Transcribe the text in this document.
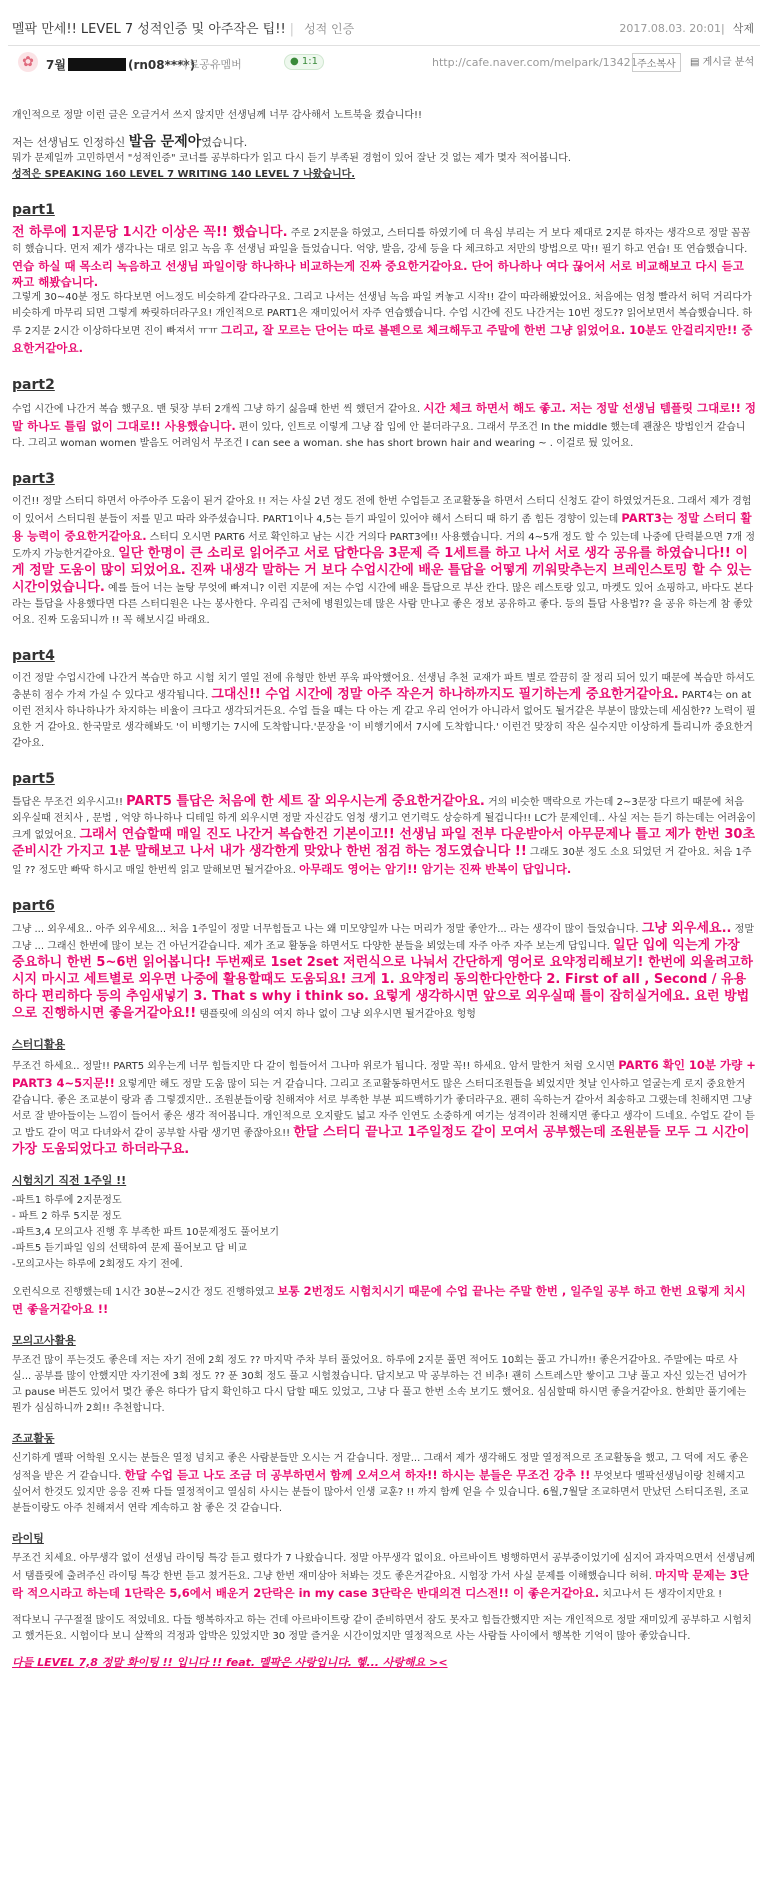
멜팍 만세!! LEVEL 7 성적인증 및 아주작은 팁!! | 성적 인증	2017.08.03. 20:01| 삭제
✿	7월	(rn08****)
자료공유멤버	● 1:1	http://cafe.naver.com/melpark/13421 주소복사	▤ 게시글 분석

개인적으로 정말 이런 글은 오글거서 쓰지 않지만 선생님께 너무 감사해서 노트북을 켰습니다!!

저는 선생님도 인정하신 발음 문제아였습니다.

뭐가 문제일까 고민하면서 "성적인증" 코너를 공부하다가 읽고 다시 듣기 부족된 경험이 있어 잘난 것 없는 제가 몇자 적어봅니다.

성적은 SPEAKING 160 LEVEL 7 WRITING 140 LEVEL 7 나왔습니다.

part1

전 하루에 1지문당 1시간 이상은 꼭!! 했습니다. 주로 2지문을 하였고, 스터디를 하였기에 더 욕심 부리는 거 보다 제대로 2지문 하자는 생각으로 정말 꼼꼼히 했습니다. 먼저 제가 생각나는 대로 읽고 녹음 후 선생님 파일을 들었습니다. 억양, 발음, 강세 등을 다 체크하고 저만의 방법으로 막!! 필기 하고 연습! 또 연습했습니다.

연습 하실 때 목소리 녹음하고 선생님 파일이랑 하나하나 비교하는게 진짜 중요한거같아요. 단어 하나하나 여다 끊어서 서로 비교해보고 다시 듣고 짜고 해봤습니다.

그렇게 30~40분 정도 하다보면 어느정도 비슷하게 같다라구요. 그리고 나서는 선생님 녹음 파일 켜놓고 시작!! 같이 따라해봤었어요. 처음에는 엄청 빨라서 허덕 거리다가 비슷하게 마무리 되면 그렇게 짜릿하더라구요! 개인적으로 PART1은 재미있어서 자주 연습했습니다. 수업 시간에 진도 나간거는 10번 정도?? 읽어보면서 복습했습니다. 하루 2지문 2시간 이상하다보면 진이 빠져서 ㅠㅠ 그리고, 잘 모르는 단어는 따로 볼펜으로 체크해두고 주말에 한번 그냥 읽었어요. 10분도 안걸리지만!! 중요한거같아요.

part2

수업 시간에 나간거 복습 했구요. 맨 뒷장 부터 2개씩 그냥 하기 싫음때 한번 씩 했던거 같아요. 시간 체크 하면서 해도 좋고. 저는 정말 선생님 템플릿 그대로!! 정말 하나도 틀림 없이 그대로!! 사용했습니다. 편이 있다, 인트로 이렇게 그냥 잡 입에 안 붙더라구요. 그래서 무조건 In the middle 했는데 괜찮은 방법인거 같습니다. 그리고 woman women 발음도 어려임서 무조건 I can see a woman. she has short brown hair and wearing ~ . 이걸로 뒀 있어요.

part3

이건!! 정말 스터디 하면서 아주아주 도움이 된거 같아요 !! 저는 사실 2년 정도 전에 한번 수업듣고 조교활동을 하면서 스터디 신청도 같이 하였었거든요. 그래서 제가 경험이 있어서 스터디원 분들이 저를 믿고 따라 와주셨습니다. PART1이나 4,5는 듣기 파일이 있어야 해서 스터디 때 하기 좀 힘든 경향이 있는데 PART3는 정말 스터디 활용 능력이 중요한거같아요. 스터디 오시면 PART6 서로 확인하고 남는 시간 거의다 PART3에!! 사용했습니다. 거의 4~5개 정도 할 수 있는데 나중에 단력붙으면 7개 정도까지 가능한거같아요. 일단 한명이 큰 소리로 읽어주고 서로 답한다음 3문제 즉 1세트를 하고 나서 서로 생각 공유를 하였습니다!! 이게 정말 도움이 많이 되었어요. 진짜 내생각 말하는 거 보다 수업시간에 배운 틀답을 어떻게 끼워맞추는지 브레인스토밍 할 수 있는 시간이었습니다. 예를 들어 너는 놀탕 무엇에 빠져니? 이런 지문에 저는 수업 시간에 배운 틀답으로 부산 칸다. 많은 레스토랑 있고, 마켓도 있어 쇼핑하고, 바다도 본다 라는 틀답을 사용했다면 다른 스터디원은 나는 봉사한다. 우리집 근처에 병원있는데 많은 사람 만나고 좋은 정보 공유하고 좋다. 등의 틀답 사용법?? 을 공유 하는게 참 좋았어요. 진짜 도움되니까 !! 꼭 해보시길 바래요.

part4

이건 정말 수업시간에 나간거 복습만 하고 시험 치기 열일 전에 유형만 한번 푸욱 파악했어요. 선생님 추천 교재가 파트 별로 깔끔히 잘 정리 되어 있기 때문에 복습만 하셔도 충분히 점수 가져 가실 수 있다고 생각됩니다. 그대신!! 수업 시간에 정말 아주 작은거 하나하까지도 필기하는게 중요한거같아요. PART4는 on at 이런 전치사 하나하나가 차지하는 비율이 크다고 생각되거든요. 수업 들을 때는 다 아는 게 같고 우리 언어가 아니라서 없어도 될거같은 부분이 많았는데 세심한?? 노력이 필요한 거 같아요. 한국말로 생각해봐도 '이 비행기는 7시에 도착합니다.'문장을 '이 비행기에서 7시에 도착합니다.' 이런건 맞장히 작은 실수지만 이상하게 틀리니까 중요한거 같아요.

part5

틀답은 무조건 외우시고!! PART5 틀답은 처음에 한 세트 잘 외우시는게 중요한거같아요. 거의 비슷한 맥락으로 가는데 2~3문장 다르기 때문에 처음 외우실때 전치사 , 문법 , 억양 하나하나 디테일 하게 외우시면 정말 자신감도 엄청 생기고 연기력도 상승하게 될겁니다!! LC가 문제인데.. 사실 저는 듣기 하는데는 어려움이 크게 없었어요. 그래서 연습할때 매일 진도 나간거 복습한건 기본이고!! 선생님 파일 전부 다운받아서 아무문제나 틀고 제가 한번 30초 준비시간 가지고 1분 말해보고 나서 내가 생각한게 맞았나 한번 점검 하는 정도였습니다 !! 그래도 30분 정도 소요 되었던 거 같아요. 처음 1주일 ?? 정도만 빠딱 하시고 매일 한번씩 읽고 말해보면 될거같아요. 아무래도 영어는 암기!! 암기는 진짜 반복이 답입니다.

part6

그냥 ... 외우세요.. 아주 외우세요... 처음 1주일이 정말 너무힘들고 나는 왜 미모양일까 나는 머리가 정말 좋안가... 라는 생각이 많이 들었습니다. 그냥 외우세요.. 정말 그냥 ... 그래신 한번에 많이 보는 건 아닌거같습니다. 제가 조교 활동을 하면서도 다양한 분들을 뵈었는데 자주 아주 자주 보는게 답입니다. 일단 입에 익는게 가장 중요하니 한번 5~6번 읽어봅니다! 두번째로 1set 2set 저런식으로 나눠서 간단하게 영어로 요약정리해보기! 한번에 외울려고하시지 마시고 세트별로 외우면 나중에 활용할때도 도움되요! 크게 1. 요약정리 동의한다안한다 2. First of all , Second / 유용하다 편리하다 등의 추임새넣기 3. That s why i think so. 요렇게 생각하시면 앞으로 외우실때 틀이 잡히실거에요. 요런 방법으로 진행하시면 좋을거같아요!! 탬플릿에 의심의 여지 하나 없이 그냥 외우시면 될거같아요 헝헝

스터디활용

무조건 하세요.. 정말!! PART5 외우는게 너무 힘들지만 다 같이 힘들어서 그나마 위로가 됩니다. 정말 꼭!! 하세요. 암서 말한거 처럼 오시면 PART6 확인 10분 가량 + PART3 4~5지문!! 요렇게만 해도 정말 도움 많이 되는 거 같습니다. 그리고 조교활동하면서도 많은 스터디조원들을 뵈었지만 첫날 인사하고 얼굴는게 로지 중요한거 같습니다. 좋은 조교분이 랑과 좀 그렇겠지만.. 조원분들이랑 친해져야 서로 부족한 부분 피드백하기가 좋더라구요. 괜히 옥하는거 같아서 최송하고 그랬는데 친해지면 그냥 서로 잘 받아들이는 느낌이 들어서 좋은 생각 적어봅니다. 개인적으로 오지랖도 넓고 자주 인연도 소중하게 여기는 성격이라 친해지면 좋다고 생각이 드네요. 수업도 같이 듣고 밥도 같이 먹고 다녀와서 같이 공부할 사람 생기면 좋잖아요!! 한달 스터디 끝나고 1주일정도 같이 모여서 공부했는데 조원분들 모두 그 시간이 가장 도움되었다고 하더라구요.

시험치기 직전 1주일 !!

-파트1 하루에 2지문정도

- 파트 2 하루 5지문 정도

-파트3,4 모의고사 진행 후 부족한 파트 10문제정도 풀어보기

-파트5 듣기파일 임의 선택하여 문제 풀어보고 답 비교

-모의고사는 하루에 2회정도 자기 전에.

오런식으로 진행했는데 1시간 30분~2시간 정도 진행하였고 보통 2번정도 시험치시기 때문에 수업 끝나는 주말 한번 , 일주일 공부 하고 한번 요렇게 치시면 좋을거같아요 !!

모의고사활용

무조건 많이 푸는것도 좋은데 저는 자기 전에 2회 정도 ?? 마지막 주차 부터 풀었어요. 하루에 2지문 풀면 적어도 10회는 풀고 가니까!! 좋은거같아요. 주말에는 따로 사실... 공부를 많이 안했지만 자기전에 3회 정도 ?? 푼 30회 정도 풀고 시험쳤습니다. 답지보고 막 공부하는 건 비추! 괜히 스트레스만 쌓이고 그냥 풀고 자신 있는건 넘어가고 pause 버튼도 있어서 몇간 좋은 하다가 답지 확인하고 다시 답할 때도 있었고, 그냥 다 풀고 한번 소속 보기도 했어요. 심심할때 하시면 좋을거같아요. 한회만 풀기에는 뭔가 심심하니까 2회!! 추천합니다.

조교활동

신기하게 멜팍 어학원 오시는 분들은 열정 넘치고 좋은 사람분들만 오시는 거 같습니다. 정말... 그래서 제가 생각해도 정말 열정적으로 조교활동을 했고, 그 덕에 저도 좋은 성적을 받은 거 같습니다. 한달 수업 듣고 나도 조금 더 공부하면서 함께 오셔으셔 하자!! 하시는 분들은 무조건 강추 !! 무엇보다 멜팍선생님이랑 친해지고 싶어서 한것도 있지만 응응 진짜 다들 열정적이고 열심히 사시는 분들이 많아서 인생 교훈? !! 까지 함께 얻을 수 있습니다. 6월,7월달 조교하면서 만났던 스터디조원, 조교분들이랑도 아주 친해져서 연락 계속하고 참 좋은 것 같습니다.

라이팅

무조건 치세요. 아무생각 없이 선생님 라이팅 특강 듣고 렸다가 7 나왔습니다. 정말 아무생각 없이요. 아르바이트 병행하면서 공부중이었기에 심지어 과자먹으면서 선생님께서 탬플릿에 출려주신 라이팅 특강 한번 듣고 쳤거든요. 그냥 한번 재미삼아 처봐는 것도 좋은거같아요. 시험장 가서 사실 문제를 이해했습니다 허허. 마지막 문제는 3단락 적으시라고 하는데 1단락은 5,6에서 배운거 2단락은 in my case 3단락은 반대의견 디스전!! 이 좋은거같아요. 치고나서 든 생각이지만요 !

적다보니 구구절절 많이도 적었네요. 다들 행복하자고 하는 건데 아르바이트랑 같이 준비하면서 잠도 못자고 힘들간했지만 저는 개인적으로 정말 재미있게 공부하고 시험치고 했거든요. 시험이다 보니 살짝의 걱정과 압박은 있었지만 30 정말 즐거운 시간이었지만 열정적으로 사는 사람들 사이에서 행복한 기억이 많아 좋았습니다.

다들 LEVEL 7,8 정말 화이팅 !! 입니다 !! feat. 멜팍은 사랑입니다. 헿... 사랑해요 ><
